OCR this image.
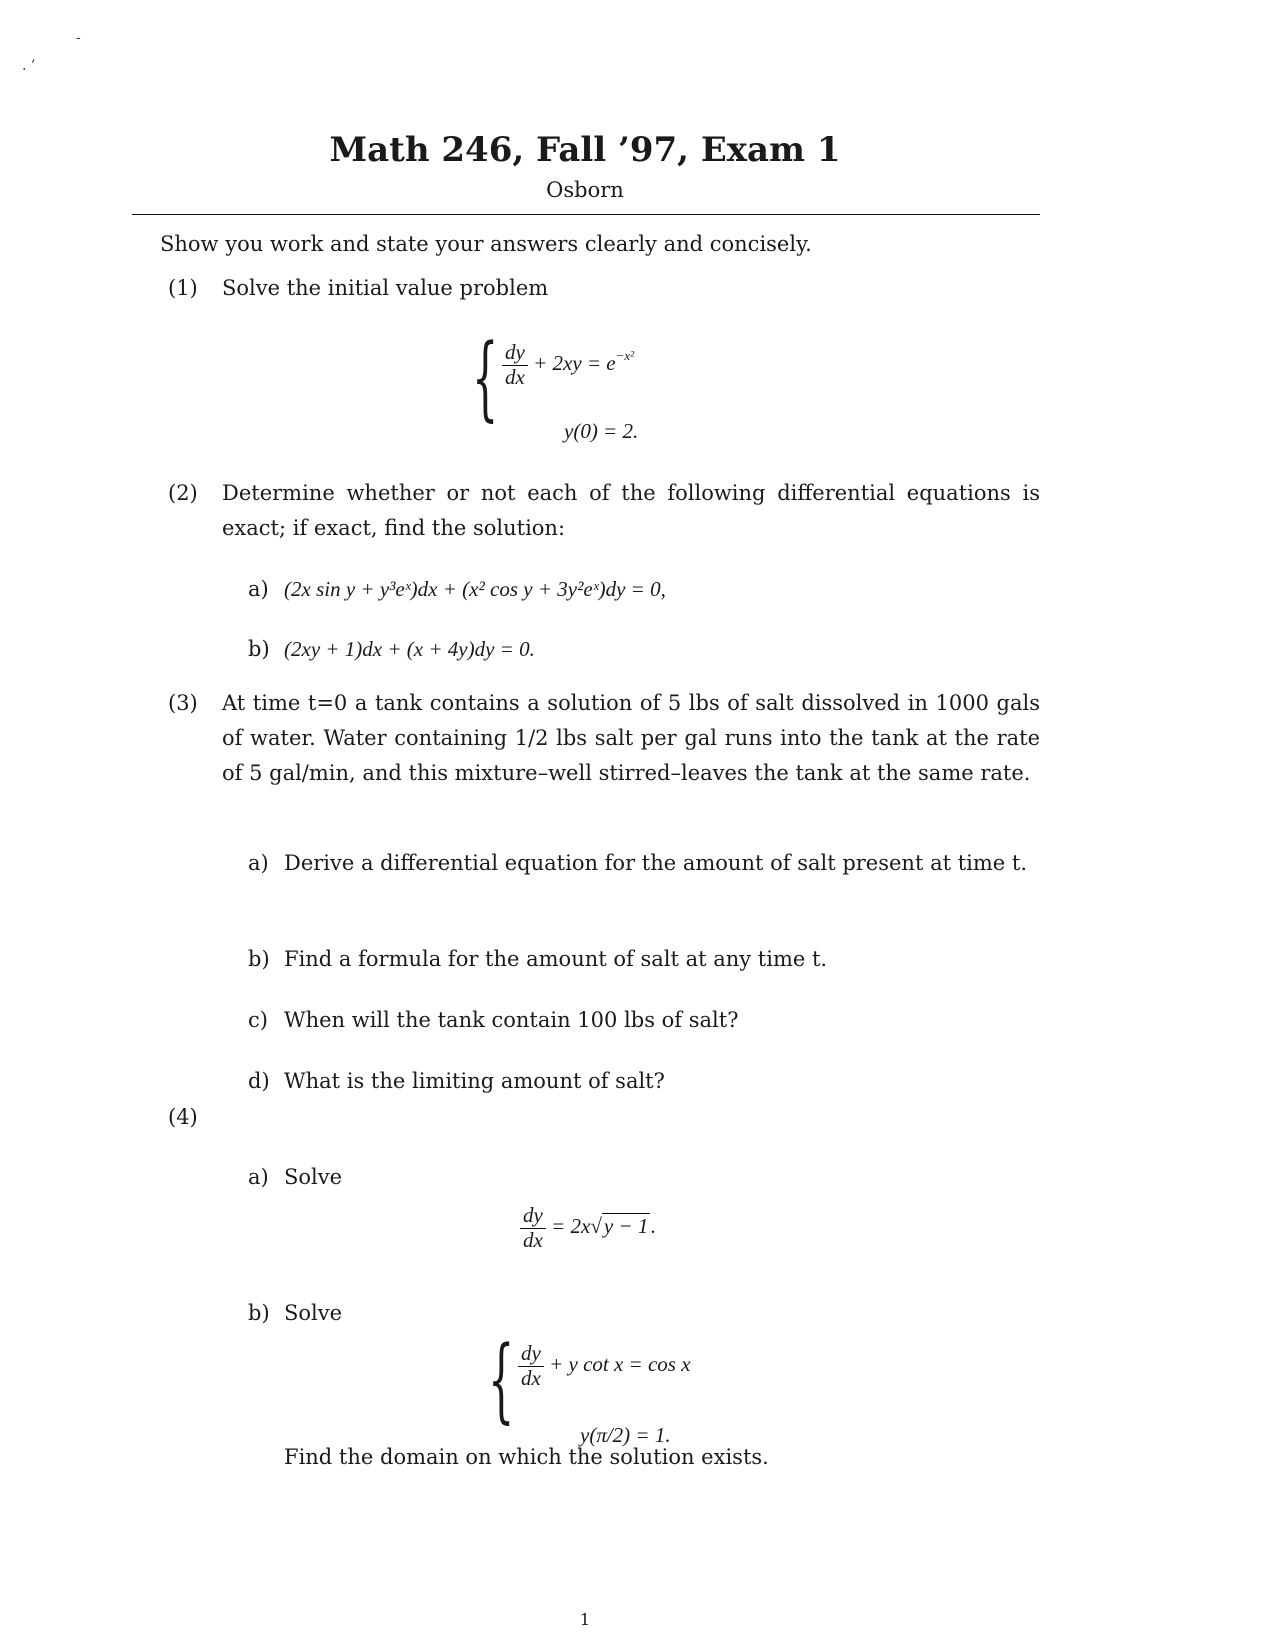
. ’
-
Math 246, Fall ’97, Exam 1
Osborn
Show you work and state your answers clearly and concisely.
(1) Solve the initial value problem
{ $\frac{dy}{dx} + 2xy = e^{-x^2}$
y(0) = 2.
(2) Determine whether or not each of the following differential equations is exact; if exact, find the solution:
a) (2x sin y + y³eˣ)dx + (x² cos y + 3y²eˣ)dy = 0,
b) (2xy + 1)dx + (x + 4y)dy = 0.
(3) At time t=0 a tank contains a solution of 5 lbs of salt dissolved in 1000 gals of water. Water containing 1/2 lbs salt per gal runs into the tank at the rate of 5 gal/min, and this mixture–well stirred–leaves the tank at the same rate.
a) Derive a differential equation for the amount of salt present at time t.
b) Find a formula for the amount of salt at any time t.
c) When will the tank contain 100 lbs of salt?
d) What is the limiting amount of salt?
(4)
a) Solve
$\frac{dy}{dx} = 2x√y - 1$.
b) Solve
{ $\frac{dy}{dx} + y$ cot x = cos x
y(π/2) = 1.
Find the domain on which the solution exists.
1
